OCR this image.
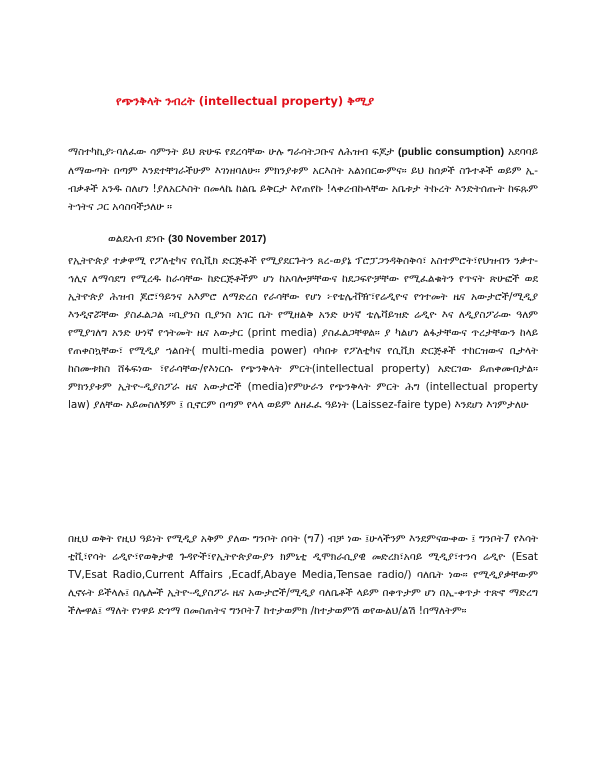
የጭንቅላት ንብረት (intellectual property) ቅሚያ

ማስተካኪያ፦ባለፈው ሳምንት ይህ ጽሁፍ የደረሳቸው ሁሉ ግራሳትጋቡና ለሕዝብ ፍጆታ (public consumption) አደባባይ ለማውጣት በጣም እንደተቸገራችሁም እገነዘባለሁ። ምክንያቱም አርእስት አልነበርውምና። ይህ ከሰዎች ስጉተቶች ወይም ኢ-ብቃቶች አንዱ ስለሆነ !ያለአርእስት በመላኬ ከልቤ ይቅርታ እየጠየኩ !ላቀረብኩላቸው አቤቱታ ትኩረት እንድትሰጡት ከፍጹም ትኅትና ጋር አሳስባችኃለሁ ።

ወልደአብ ደንቡ (30 November 2017)

የኢትዮጵያ ተቃዋሚ የፖለቲካና የሲቪክ ድርጅቶች የሚያደርጉትን ጸረ-ወያኔ ፕሮፓጋንዳቅስቅሳ፣ አስተምሮት፣የህዝብን ንቃተ-ኅሊና ለማሳደግ የሚረዱ ከራሳቸው ከድርጅቶችም ሆነ ከአባሎቻቸውና ከደጋፍዮቻቸው የሚፈልቁትን የጥናት ጽሁፎች ወደ ኢትዮጵያ ሕዝብ ጆሮ፣ዓይንና አእምሮ ለማድረስ የራሳቸው የሆነ ፦የቴሌቭዥ፣የሬዲዮና የጎተመት ዜና አውታሮች/ሚዲያ እንዲኖሯቸው ያስፈልጋል ።ቢያንስ ቢያንስ አገር ቤት የሚዘልቅ አንድ ሁነኛ ቴሌቫይዝድ ሬዲዮ እና ለዲያስፖራው ዓለም የሚያገለግ አንድ ሁነኛ የኅትመት ዜና አውታር (print media) ያስፈልጋቸዋል። ያ ካልሆነ ልፋታቸውና ጥረታቸውን ከላይ የጠቀስኳቸው፣ የሚዲያ ኀልበት( multi-media power) ባካበቱ የፖለቲካና የሲቪክ ድርጅቶች ተከርዝውና ቢታላት ከስሙቱክስ ሸፋፍነው ፣የራሳቸው/የእነርሱ የጭንቅላት ምርት(intellectual property) አድርገው ይጠቀሙበታል። ምክንያቱም ኢትዮ-ዲያስፖራ ዜና አውታሮች (media)የምሁራን የጭንቅላት ምርት ሕግ (intellectual property law) ያለቸው አይመስለኝም ፤ ቢኖርም በጣም የላላ ወይም ለዘፈፈ ዓይነት (Laissez-faire type) እንደሆነ እገምታለሁ

በዚህ ወቅት የዚህ ዓይነት የሚዲያ አቅም ያለው ግንቦት ሰባት (ግ7) ብቻ ነው ፤ሁላችንም እንደምናውቀው ፤ ግንቦት7 የእሳት ቲቪ፣የሳት ሬዲዮ፣የወቅታዊ ጉዳዮች፣የኢትዮጵያውያን ክምኒቲ ዲሞክራሲያዊ መድረክ፣አባይ ሚዲያ፣ተንሳ ሬዲዮ (Esat TV,Esat Radio,Current Affairs ,Ecadf,Abaye Media,Tensae radio/) ባለቤት ነው። የሚዲያቃቸውም ሊኖሩት ይችላሉ፤ በሌሎች ኢትዮ-ዲያስፖራ ዜና አውታሮች/ሚዲያ ባለቤቶች ላይም በቀጥታም ሆነ በኢ-ቀጥታ ተጽኖ ማድረግ ችሎዋል፤ ማለት የነዋይ ድጎማ በመስጠትና ግንቦት7 ከተታወምክ /ከተታወምሽ ወየውልህ/ልሽ !በማለትም።
